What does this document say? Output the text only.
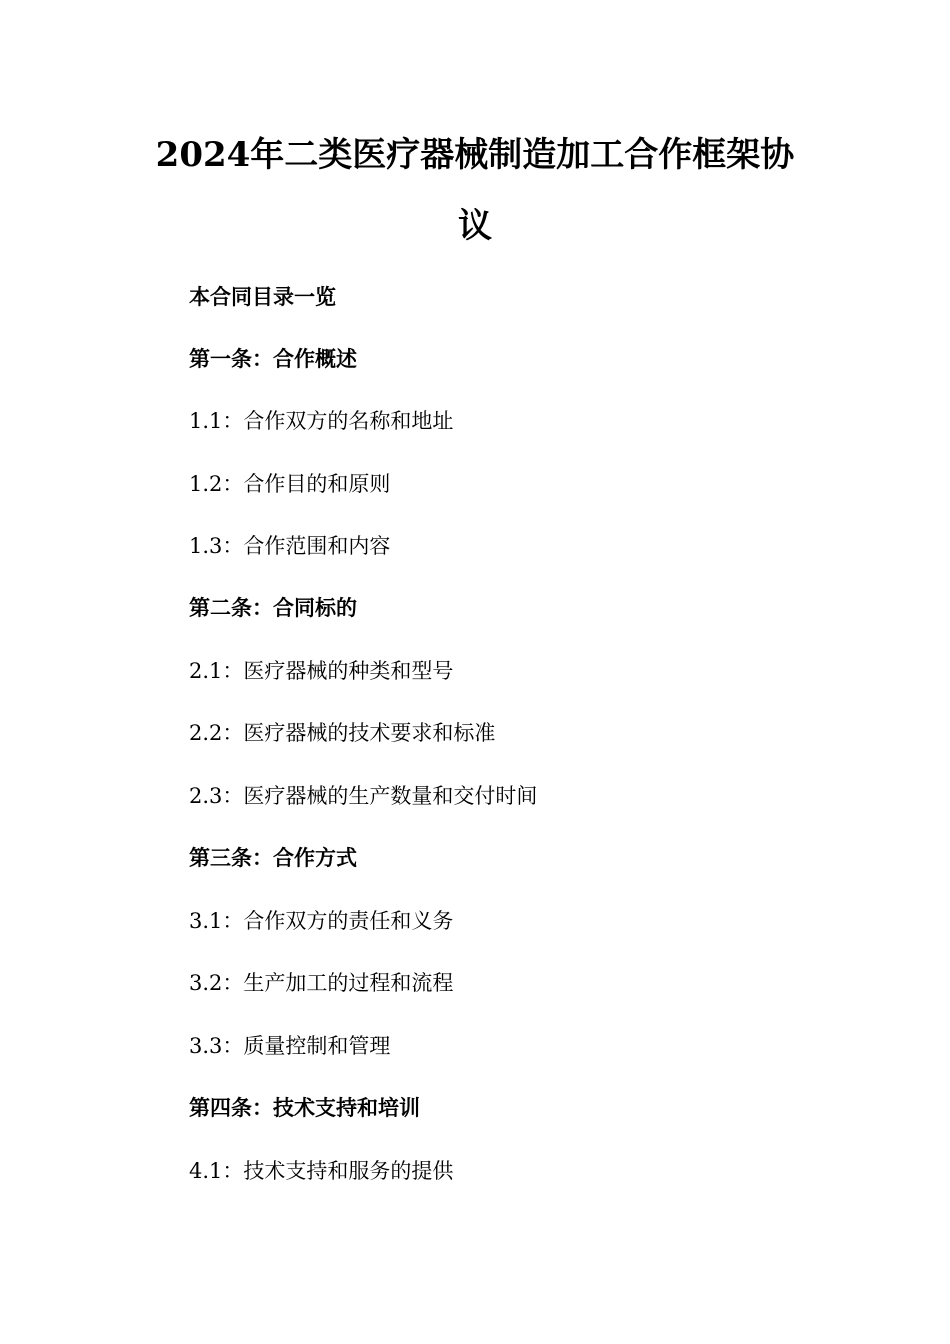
2024年二类医疗器械制造加工合作框架协
议
本合同目录一览
第一条：合作概述
1.1：合作双方的名称和地址
1.2：合作目的和原则
1.3：合作范围和内容
第二条：合同标的
2.1：医疗器械的种类和型号
2.2：医疗器械的技术要求和标准
2.3：医疗器械的生产数量和交付时间
第三条：合作方式
3.1：合作双方的责任和义务
3.2：生产加工的过程和流程
3.3：质量控制和管理
第四条：技术支持和培训
4.1：技术支持和服务的提供
